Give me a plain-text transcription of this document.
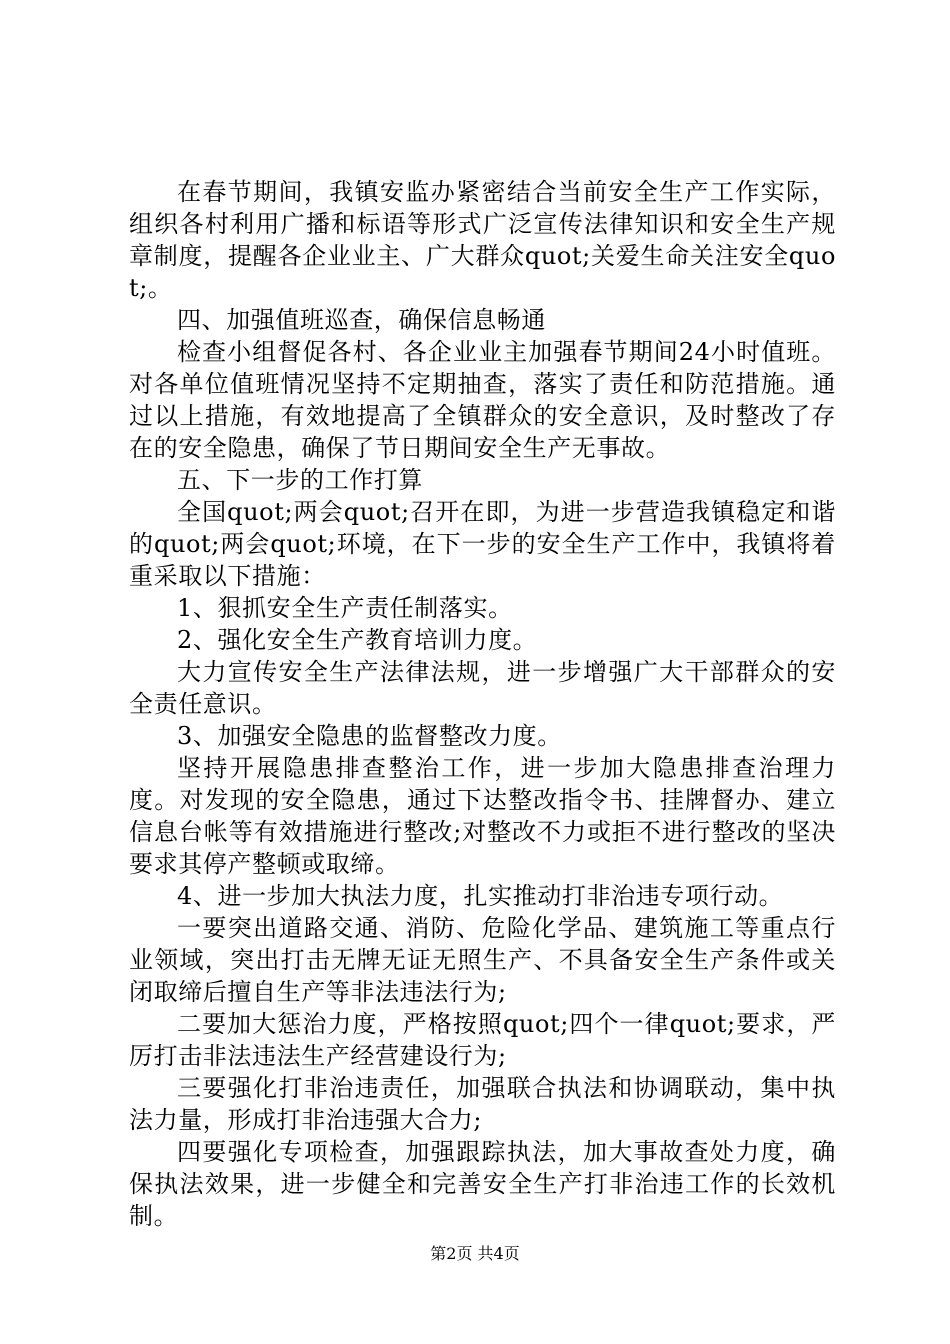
在春节期间，我镇安监办紧密结合当前安全生产工作实际，组织各村利用广播和标语等形式广泛宣传法律知识和安全生产规章制度，提醒各企业业主、广大群众quot;关爱生命关注安全quot;。

四、加强值班巡查，确保信息畅通

检查小组督促各村、各企业业主加强春节期间24小时值班。对各单位值班情况坚持不定期抽查，落实了责任和防范措施。通过以上措施，有效地提高了全镇群众的安全意识，及时整改了存在的安全隐患，确保了节日期间安全生产无事故。

五、下一步的工作打算

全国quot;两会quot;召开在即，为进一步营造我镇稳定和谐的quot;两会quot;环境，在下一步的安全生产工作中，我镇将着重采取以下措施：

1、狠抓安全生产责任制落实。

2、强化安全生产教育培训力度。

大力宣传安全生产法律法规，进一步增强广大干部群众的安全责任意识。

3、加强安全隐患的监督整改力度。

坚持开展隐患排查整治工作，进一步加大隐患排查治理力度。对发现的安全隐患，通过下达整改指令书、挂牌督办、建立信息台帐等有效措施进行整改;对整改不力或拒不进行整改的坚决要求其停产整顿或取缔。

4、进一步加大执法力度，扎实推动打非治违专项行动。

一要突出道路交通、消防、危险化学品、建筑施工等重点行业领域，突出打击无牌无证无照生产、不具备安全生产条件或关闭取缔后擅自生产等非法违法行为;

二要加大惩治力度，严格按照quot;四个一律quot;要求，严厉打击非法违法生产经营建设行为;

三要强化打非治违责任，加强联合执法和协调联动，集中执法力量，形成打非治违强大合力;

四要强化专项检查，加强跟踪执法，加大事故查处力度，确保执法效果，进一步健全和完善安全生产打非治违工作的长效机制。

第2页 共4页
